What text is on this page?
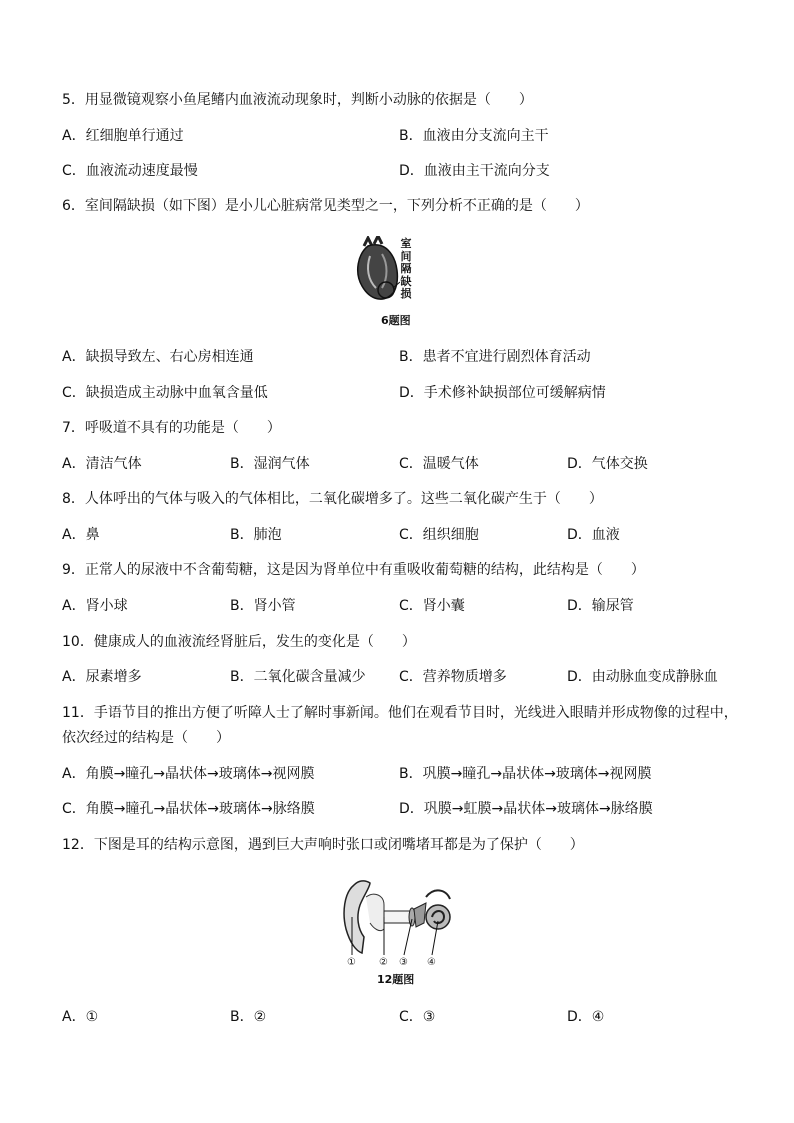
5．用显微镜观察小鱼尾鳍内血液流动现象时，判断小动脉的依据是（　　）
A．红细胞单行通过	B．血液由分支流向主干
C．血液流动速度最慢	D．血液由主干流向分支
6．室间隔缺损（如下图）是小儿心脏病常见类型之一，下列分析不正确的是（　　）
室间隔缺损
6题图
A．缺损导致左、右心房相连通	B．患者不宜进行剧烈体育活动
C．缺损造成主动脉中血氧含量低	D．手术修补缺损部位可缓解病情
7．呼吸道不具有的功能是（　　）
A．清洁气体	B．湿润气体	C．温暖气体	D．气体交换
8．人体呼出的气体与吸入的气体相比，二氧化碳增多了。这些二氧化碳产生于（　　）
A．鼻	B．肺泡	C．组织细胞	D．血液
9．正常人的尿液中不含葡萄糖，这是因为肾单位中有重吸收葡萄糖的结构，此结构是（　　）
A．肾小球	B．肾小管	C．肾小囊	D．输尿管
10．健康成人的血液流经肾脏后，发生的变化是（　　）
A．尿素增多	B．二氧化碳含量减少 C．营养物质增多	D．由动脉血变成静脉血
11．手语节目的推出方便了听障人士了解时事新闻。他们在观看节目时，光线进入眼睛并形成物像的过程中，
依次经过的结构是（　　）
A．角膜→瞳孔→晶状体→玻璃体→视网膜	B．巩膜→瞳孔→晶状体→玻璃体→视网膜
C．角膜→瞳孔→晶状体→玻璃体→脉络膜	D．巩膜→虹膜→晶状体→玻璃体→脉络膜
12．下图是耳的结构示意图，遇到巨大声响时张口或闭嘴堵耳都是为了保护（　　）
① ② ③ ④
12题图
A．①	B．②	C．③	D．④
